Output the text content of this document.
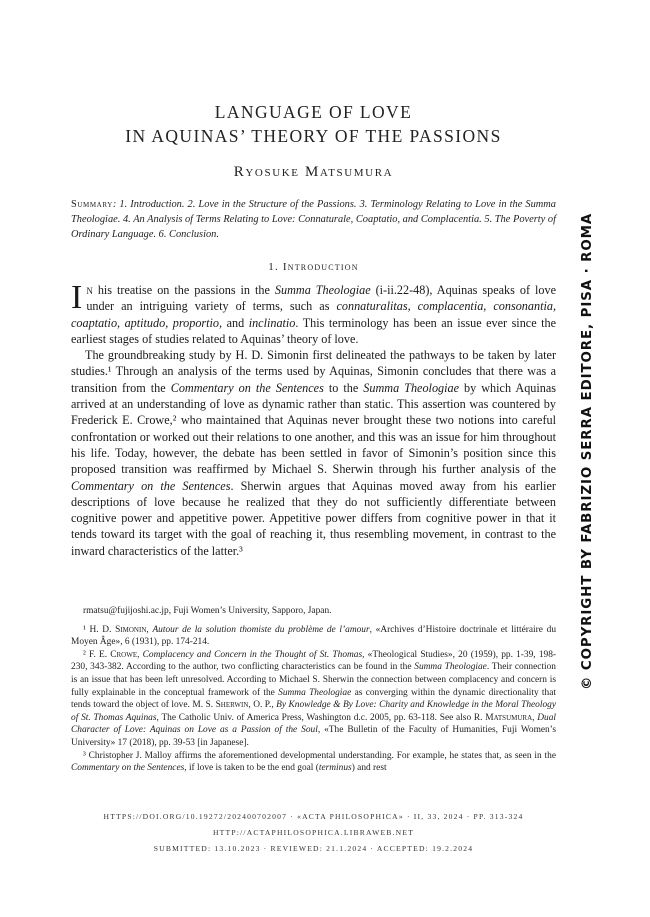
LANGUAGE OF LOVE
IN AQUINAS’ THEORY OF THE PASSIONS
Ryosuke Matsumura
Summary: 1. Introduction. 2. Love in the Structure of the Passions. 3. Terminology Relating to Love in the Summa Theologiae. 4. An Analysis of Terms Relating to Love: Connaturale, Coaptatio, and Complacentia. 5. The Poverty of Ordinary Language. 6. Conclusion.
1. Introduction

In his treatise on the passions in the Summa Theologiae (i-ii.22-48), Aquinas speaks of love under an intriguing variety of terms, such as connaturalitas, complacentia, consonantia, coaptatio, aptitudo, proportio, and inclinatio. This terminology has been an issue ever since the earliest stages of studies related to Aquinas’ theory of love.

The groundbreaking study by H. D. Simonin first delineated the pathways to be taken by later studies.¹ Through an analysis of the terms used by Aquinas, Simonin concludes that there was a transition from the Commentary on the Sentences to the Summa Theologiae by which Aquinas arrived at an understanding of love as dynamic rather than static. This assertion was countered by Frederick E. Crowe,² who maintained that Aquinas never brought these two notions into careful confrontation or worked out their relations to one another, and this was an issue for him throughout his life. Today, however, the debate has been settled in favor of Simonin’s position since this proposed transition was reaffirmed by Michael S. Sherwin through his further analysis of the Commentary on the Sentences. Sherwin argues that Aquinas moved away from his earlier descriptions of love because he realized that they do not sufficiently differentiate between cognitive power and appetitive power. Appetitive power differs from cognitive power in that it tends toward its target with the goal of reaching it, thus resembling movement, in contrast to the inward characteristics of the latter.³

rmatsu@fujijoshi.ac.jp, Fuji Women’s University, Sapporo, Japan.

¹ H. D. Simonin, Autour de la solution thomiste du problème de l’amour, «Archives d’Histoire doctrinale et littéraire du Moyen Âge», 6 (1931), pp. 174-214.

² F. E. Crowe, Complacency and Concern in the Thought of St. Thomas, «Theological Studies», 20 (1959), pp. 1-39, 198-230, 343-382. According to the author, two conflicting characteristics can be found in the Summa Theologiae. Their connection is an issue that has been left unresolved. According to Michael S. Sherwin the connection between complacency and concern is fully explainable in the conceptual framework of the Summa Theologiae as converging within the dynamic directionality that tends toward the object of love. M. S. Sherwin, O. P., By Knowledge & By Love: Charity and Knowledge in the Moral Theology of St. Thomas Aquinas, The Catholic Univ. of America Press, Washington d.c. 2005, pp. 63-118. See also R. Matsumura, Dual Character of Love: Aquinas on Love as a Passion of the Soul, «The Bulletin of the Faculty of Humanities, Fuji Women’s University» 17 (2018), pp. 39-53 [in Japanese].

³ Christopher J. Malloy affirms the aforementioned developmental understanding. For example, he states that, as seen in the Commentary on the Sentences, if love is taken to be the end goal (terminus) and rest

HTTPS://DOI.ORG/10.19272/202400702007 · «ACTA PHILOSOPHICA» · II, 33, 2024 · PP. 313-324
HTTP://ACTAPHILOSOPHICA.LIBRAWEB.NET
SUBMITTED: 13.10.2023 · REVIEWED: 21.1.2024 · ACCEPTED: 19.2.2024
© COPYRIGHT BY FABRIZIO SERRA EDITORE, PISA · ROMA
